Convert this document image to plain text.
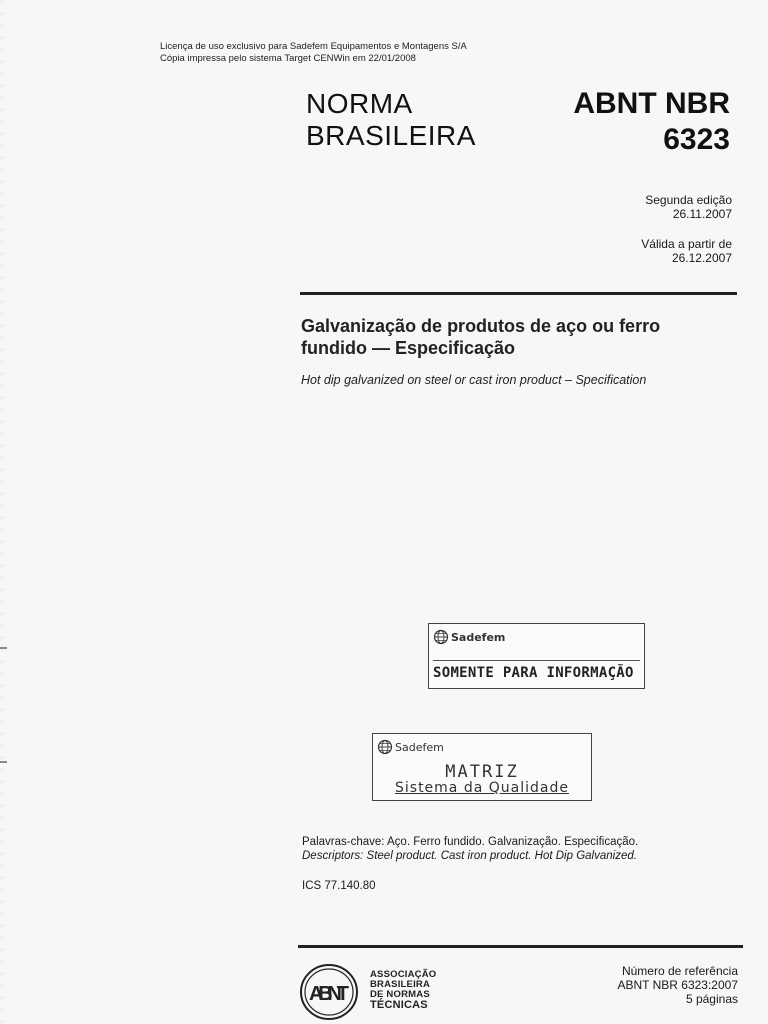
Licença de uso exclusivo para Sadefem Equipamentos e Montagens S/A
Cópia impressa pelo sistema Target CENWin em 22/01/2008
NORMA
BRASILEIRA
ABNT NBR
6323
Segunda edição
26.11.2007
Válida a partir de
26.12.2007
Galvanização de produtos de aço ou ferro fundido — Especificação
Hot dip galvanized on steel or cast iron product – Specification
Sadefem
SOMENTE PARA INFORMAÇÃO
Sadefem
MATRIZ
Sistema da Qualidade
Palavras-chave: Aço. Ferro fundido. Galvanização. Especificação.
Descriptors: Steel product. Cast iron product. Hot Dip Galvanized.
ICS 77.140.80
ABNT
ASSOCIAÇÃO
BRASILEIRA
DE NORMAS
TÉCNICAS
Número de referência
ABNT NBR 6323:2007
5 páginas
